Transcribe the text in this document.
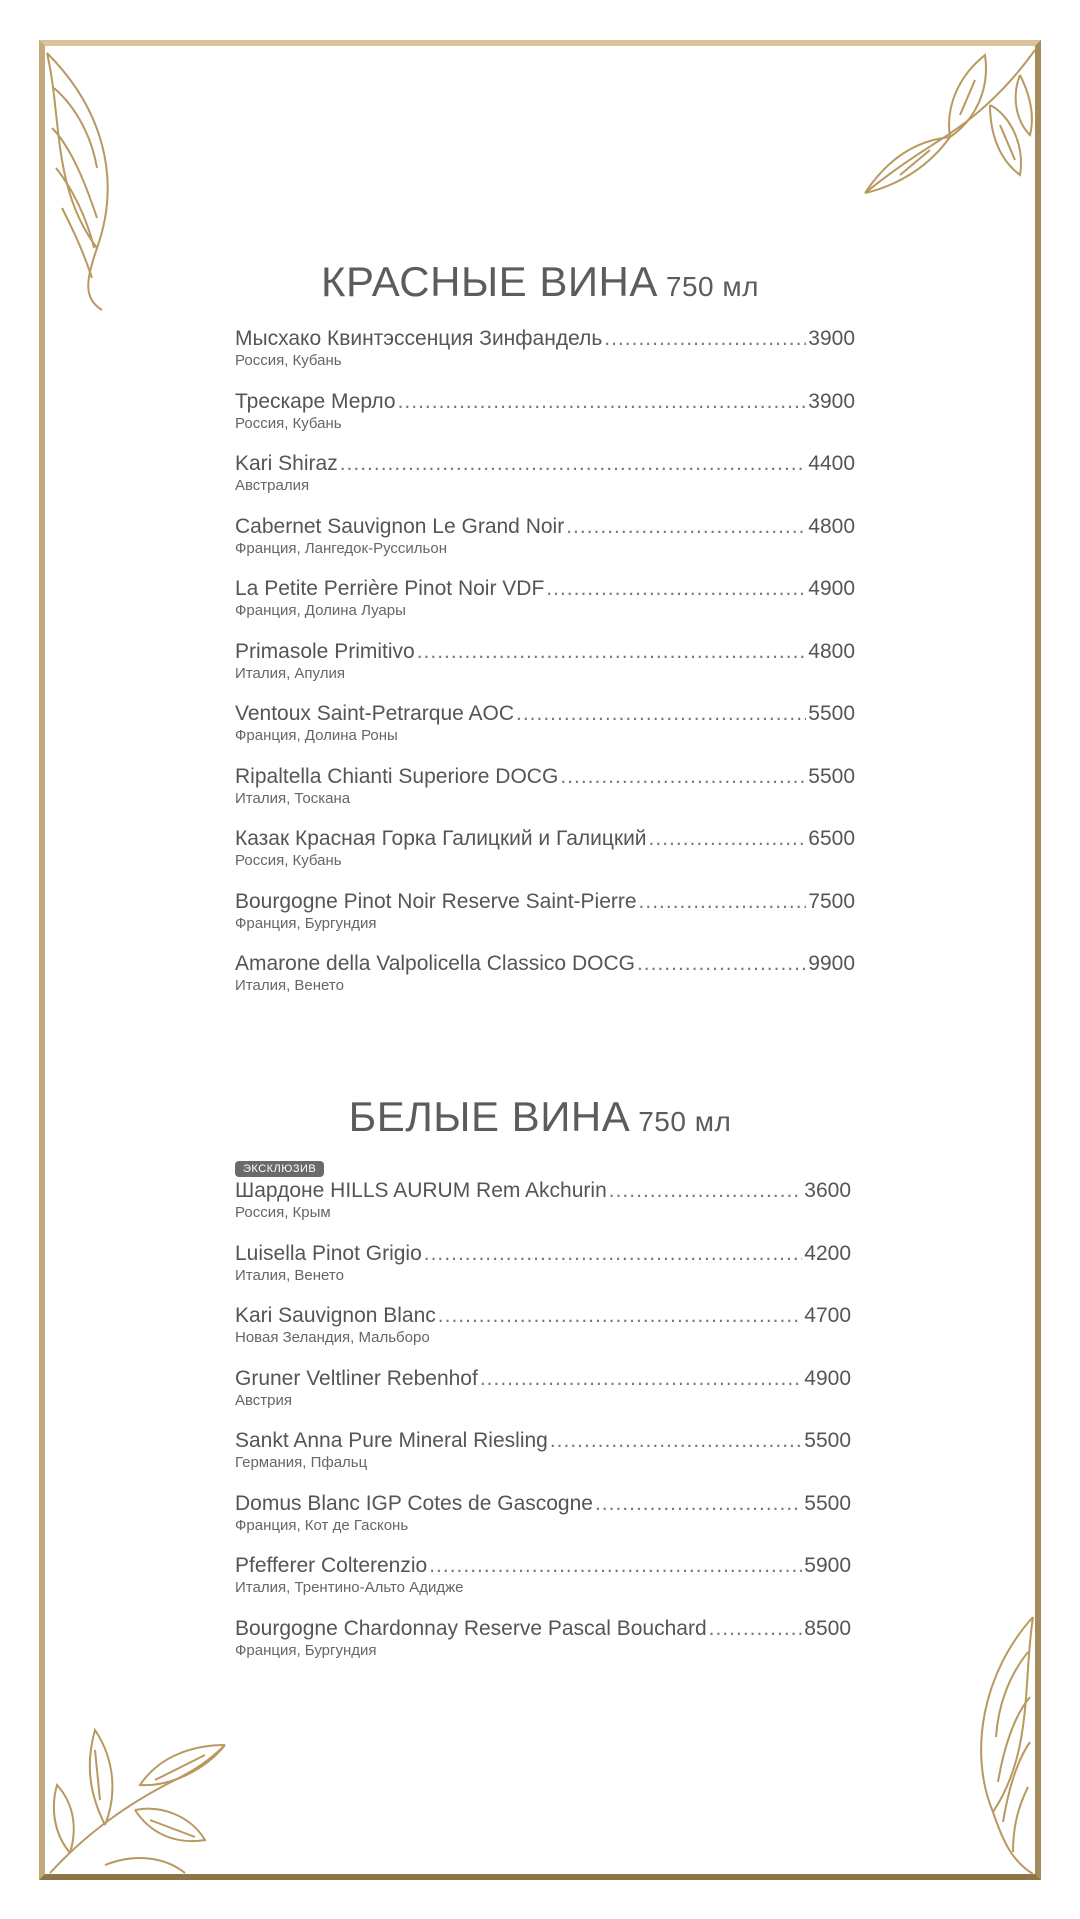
КРАСНЫЕ ВИНА 750 мл
Мысхако Квинтэссенция Зинфандель .....	3900
Россия, Кубань
Трескаре Мерло .....	3900
Россия, Кубань
Kari Shiraz .....	4400
Австралия
Cabernet Sauvignon Le Grand Noir .....	4800
Франция, Лангедок-Руссильон
La Petite Perrière Pinot Noir VDF .....	4900
Франция, Долина Луары
Primasole Primitivo .....	4800
Италия, Апулия
Ventoux Saint-Petrarque AOC .....	5500
Франция, Долина Роны
Ripaltella Chianti Superiore DOCG .....	5500
Италия, Тоскана
Казак Красная Горка Галицкий и Галицкий .....	6500
Россия, Кубань
Bourgogne Pinot Noir Reserve Saint-Pierre .....	7500
Франция, Бургундия
Amarone della Valpolicella Classico DOCG .....	9900
Италия, Венето
БЕЛЫЕ ВИНА 750 мл
ЭКСКЛЮЗИВ
Шардоне HILLS AURUM Rem Akchurin .....	3600
Россия, Крым
Luisella Pinot Grigio .....	4200
Италия, Венето
Kari Sauvignon Blanc .....	4700
Новая Зеландия, Мальборо
Gruner Veltliner Rebenhof .....	4900
Австрия
Sankt Anna Pure Mineral Riesling .....	5500
Германия, Пфальц
Domus Blanc IGP Cotes de Gascogne .....	5500
Франция, Кот де Гасконь
Pfefferer Colterenzio .....	5900
Италия, Трентино-Альто Адидже
Bourgogne Chardonnay Reserve Pascal Bouchard .....	8500
Франция, Бургундия
